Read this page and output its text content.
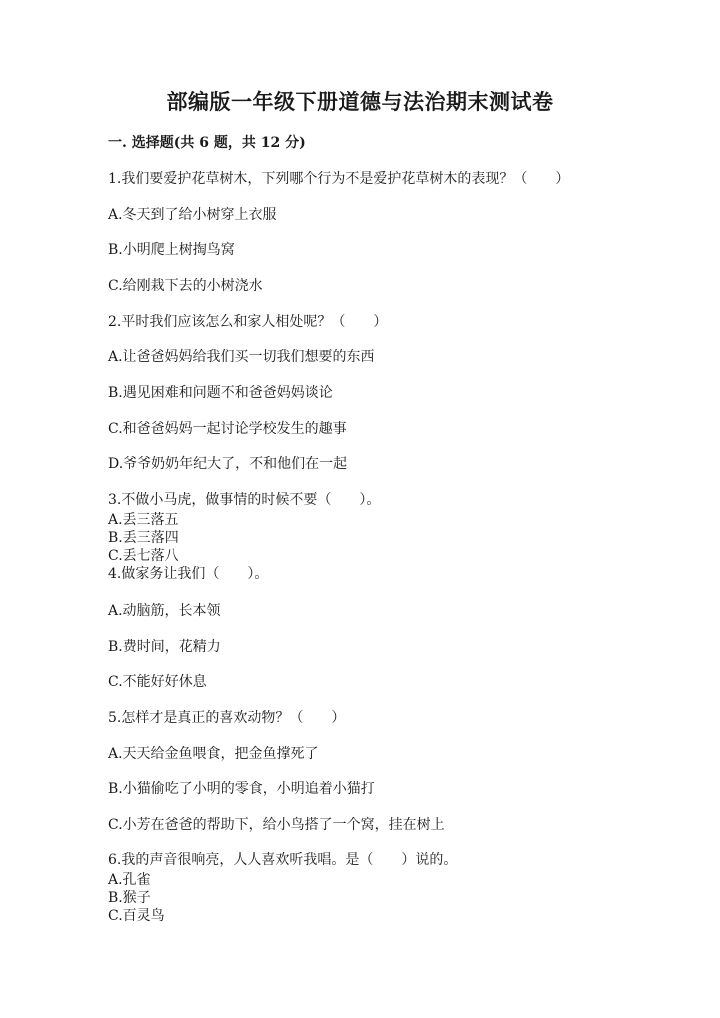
部编版一年级下册道德与法治期末测试卷
一. 选择题(共 6 题，共 12 分)
1.我们要爱护花草树木，下列哪个行为不是爱护花草树木的表现？（　　）
A.冬天到了给小树穿上衣服
B.小明爬上树掏鸟窝
C.给刚栽下去的小树浇水
2.平时我们应该怎么和家人相处呢？（　　）
A.让爸爸妈妈给我们买一切我们想要的东西
B.遇见困难和问题不和爸爸妈妈谈论
C.和爸爸妈妈一起讨论学校发生的趣事
D.爷爷奶奶年纪大了，不和他们在一起
3.不做小马虎，做事情的时候不要（　　）。
A.丢三落五
B.丢三落四
C.丢七落八
4.做家务让我们（　　）。
A.动脑筋，长本领
B.费时间，花精力
C.不能好好休息
5.怎样才是真正的喜欢动物？（　　）
A.天天给金鱼喂食，把金鱼撑死了
B.小猫偷吃了小明的零食，小明追着小猫打
C.小芳在爸爸的帮助下，给小鸟搭了一个窝，挂在树上
6.我的声音很响亮，人人喜欢听我唱。是（　　）说的。
A.孔雀
B.猴子
C.百灵鸟
